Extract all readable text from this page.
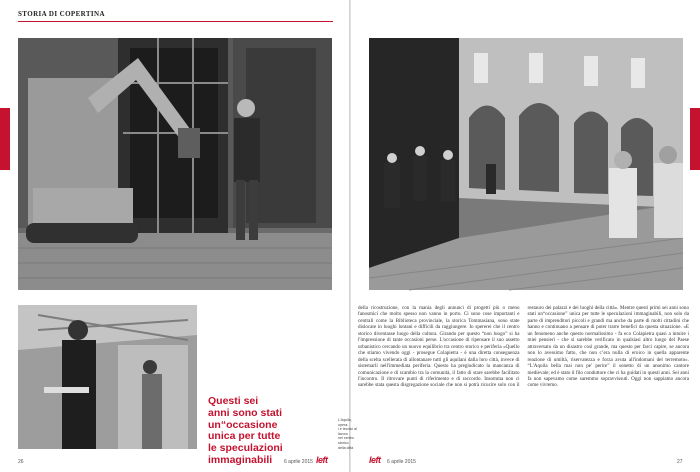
STORIA DI COPERTINA
Questi sei
anni sono stati
un“occasione
unica per tutte
le speculazioni
immaginabili
26	6 aprile 2015 left
L'Aquila, opera-
i e tecnici al lavoro
nel centro storico
della città
della ricostruzione, con la mania degli annunci di progetti più o meno fanosmici che molto spesso non vanno in porto. Ci sono cose importanti e centrali come la Biblioteca provinciale, la storica Tommasiana, sono state dislocate in luoghi lontani e difficili da raggiungere. Io spererei che il centro storico diventasse luogo della cultura. Girando per questo “non luogo” si ha l'impressione di tante occasioni perse. L'occasione di ripensare il suo assetto urbanistico cercando un nuovo equilibrio tra centro storico e periferia «Quello che stiamo vivendo oggi - prosegue Colapietra - è una diretta conseguenza della scelta scellerata di allontanare tutti gli aquilani dalla loro città, invece di sistemarli nell'immediata periferia. Questo ha pregiudicato la mancanza di comunicazione e di scambio tra la comunità, il fatto di stare sarebbe facilitato l'incontro. Il ritrovare punti di riferimento e di raccordo. Insomma non ci sarebbe stata questa disgregazione sociale che non si potrà ricucire solo con il restauro dei palazzi e dei luoghi della città». Mentre questi primi sei anni sono stati un“occasione” unica per tutte le speculazioni immaginabili, non solo da parte di imprenditori piccoli e grandi ma anche da parte di molti cittadini che hanno e continuano a pensare di poter trarre benefici da questa situazione. «E un fenomeno anche questo normalissimo - fa eco Colapietra quasi a intuire i miei pensieri - che si sarebbe verificato in qualsiasi altro luogo del Paese attraversato da un disastro così grande, ma questo per farci capire, se ancora non lo avessimo fatto, che non c’era nulla di eroico in quella apparente reazione di umiltà, riservatezza e forza avuta all'indomani del terremoto». “L'Aquila bella mai non pe' perire” il sonetto di un anonimo cantore medievale; ed è stato il filo conduttore che ci ha guidati in questi anni. Sei anni fa non sapevamo come saremmo sopravvissuti. Oggi non sappiamo ancora come vivremo.
left 6 aprile 2015	27
